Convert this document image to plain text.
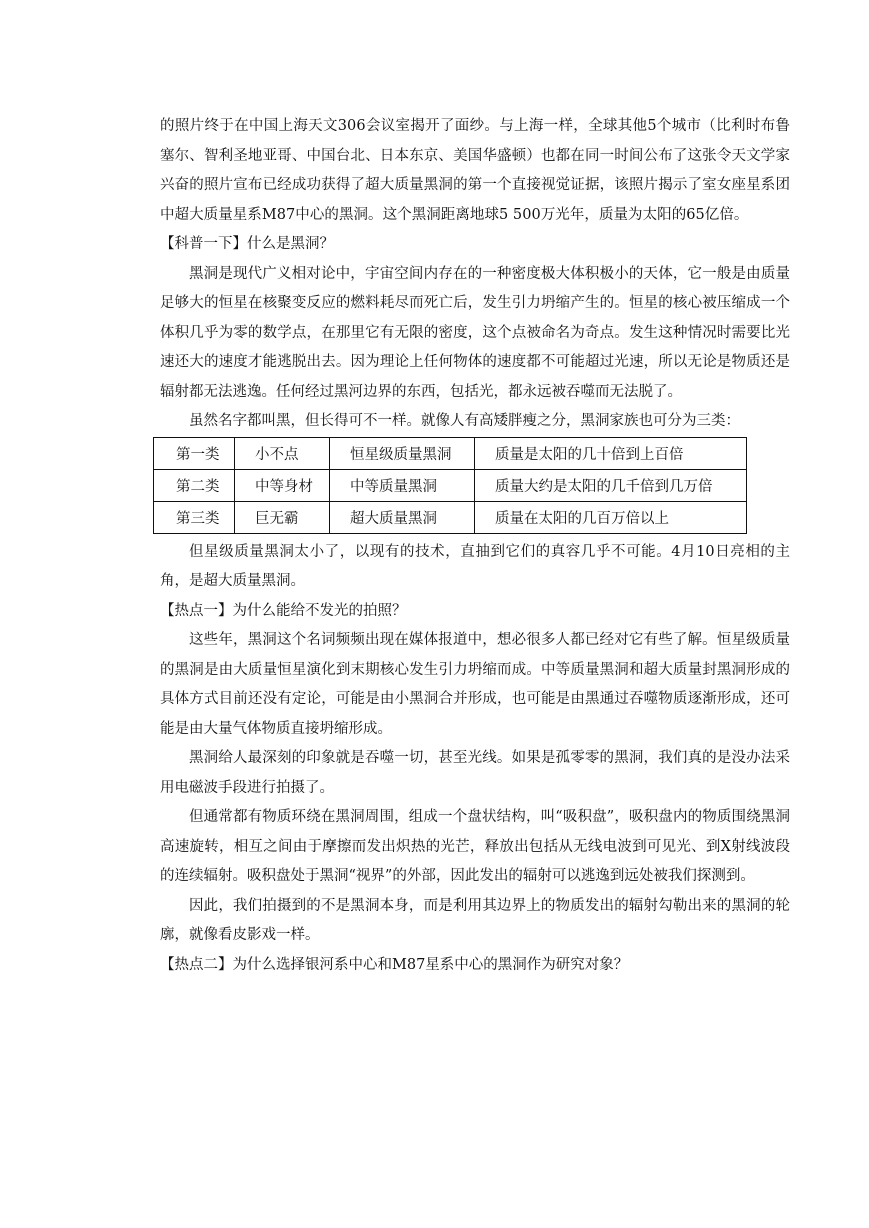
的照片终于在中国上海天文306会议室揭开了面纱。与上海一样，全球其他5个城市（比利时布鲁塞尔、智利圣地亚哥、中国台北、日本东京、美国华盛顿）也都在同一时间公布了这张令天文学家兴奋的照片宣布已经成功获得了超大质量黑洞的第一个直接视觉证据，该照片揭示了室女座星系团中超大质量星系M87中心的黑洞。这个黑洞距离地球5 500万光年，质量为太阳的65亿倍。

【科普一下】什么是黑洞？

黑洞是现代广义相对论中，宇宙空间内存在的一种密度极大体积极小的天体，它一般是由质量足够大的恒星在核聚变反应的燃料耗尽而死亡后，发生引力坍缩产生的。恒星的核心被压缩成一个体积几乎为零的数学点，在那里它有无限的密度，这个点被命名为奇点。发生这种情况时需要比光速还大的速度才能逃脱出去。因为理论上任何物体的速度都不可能超过光速，所以无论是物质还是辐射都无法逃逸。任何经过黑河边界的东西，包括光，都永远被吞噬而无法脱了。

虽然名字都叫黑，但长得可不一样。就像人有高矮胖瘦之分，黑洞家族也可分为三类：

第一类	小不点	恒星级质量黑洞	质量是太阳的几十倍到上百倍
第二类	中等身材	中等质量黑洞	质量大约是太阳的几千倍到几万倍
第三类	巨无霸	超大质量黑洞	质量在太阳的几百万倍以上

但星级质量黑洞太小了，以现有的技术，直抽到它们的真容几乎不可能。4月10日亮相的主角，是超大质量黑洞。

【热点一】为什么能给不发光的拍照？

这些年，黑洞这个名词频频出现在媒体报道中，想必很多人都已经对它有些了解。恒星级质量的黑洞是由大质量恒星演化到末期核心发生引力坍缩而成。中等质量黑洞和超大质量封黑洞形成的具体方式目前还没有定论，可能是由小黑洞合并形成，也可能是由黑通过吞噬物质逐渐形成，还可能是由大量气体物质直接坍缩形成。

黑洞给人最深刻的印象就是吞噬一切，甚至光线。如果是孤零零的黑洞，我们真的是没办法采用电磁波手段进行拍摄了。

但通常都有物质环绕在黑洞周围，组成一个盘状结构，叫“吸积盘”，吸积盘内的物质围绕黑洞高速旋转，相互之间由于摩擦而发出炽热的光芒，释放出包括从无线电波到可见光、到X射线波段的连续辐射。吸积盘处于黑洞“视界”的外部，因此发出的辐射可以逃逸到远处被我们探测到。

因此，我们拍摄到的不是黑洞本身，而是利用其边界上的物质发出的辐射勾勒出来的黑洞的轮廓，就像看皮影戏一样。

【热点二】为什么选择银河系中心和M87星系中心的黑洞作为研究对象？
